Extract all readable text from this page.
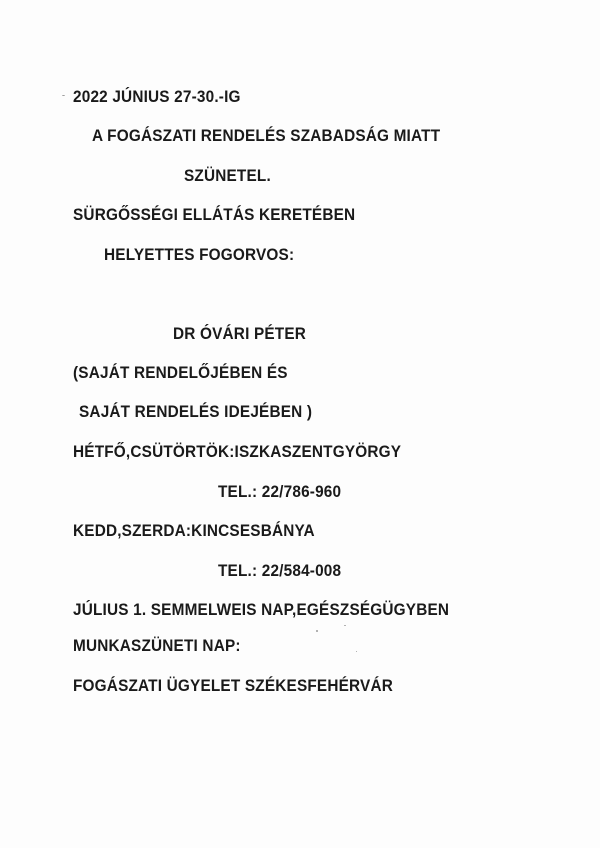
2022 JÚNIUS 27-30.-IG
A FOGÁSZATI RENDELÉS SZABADSÁG MIATT
SZÜNETEL.
SÜRGŐSSÉGI ELLÁTÁS KERETÉBEN
HELYETTES FOGORVOS:
DR ÓVÁRI PÉTER
(SAJÁT RENDELŐJÉBEN ÉS
SAJÁT RENDELÉS IDEJÉBEN )
HÉTFŐ,CSÜTÖRTÖK:ISZKASZENTGYÖRGY
TEL.: 22/786-960
KEDD,SZERDA:KINCSESBÁNYA
TEL.: 22/584-008
JÚLIUS 1. SEMMELWEIS NAP,EGÉSZSÉGÜGYBEN
MUNKASZÜNETI NAP:
FOGÁSZATI ÜGYELET SZÉKESFEHÉRVÁR
